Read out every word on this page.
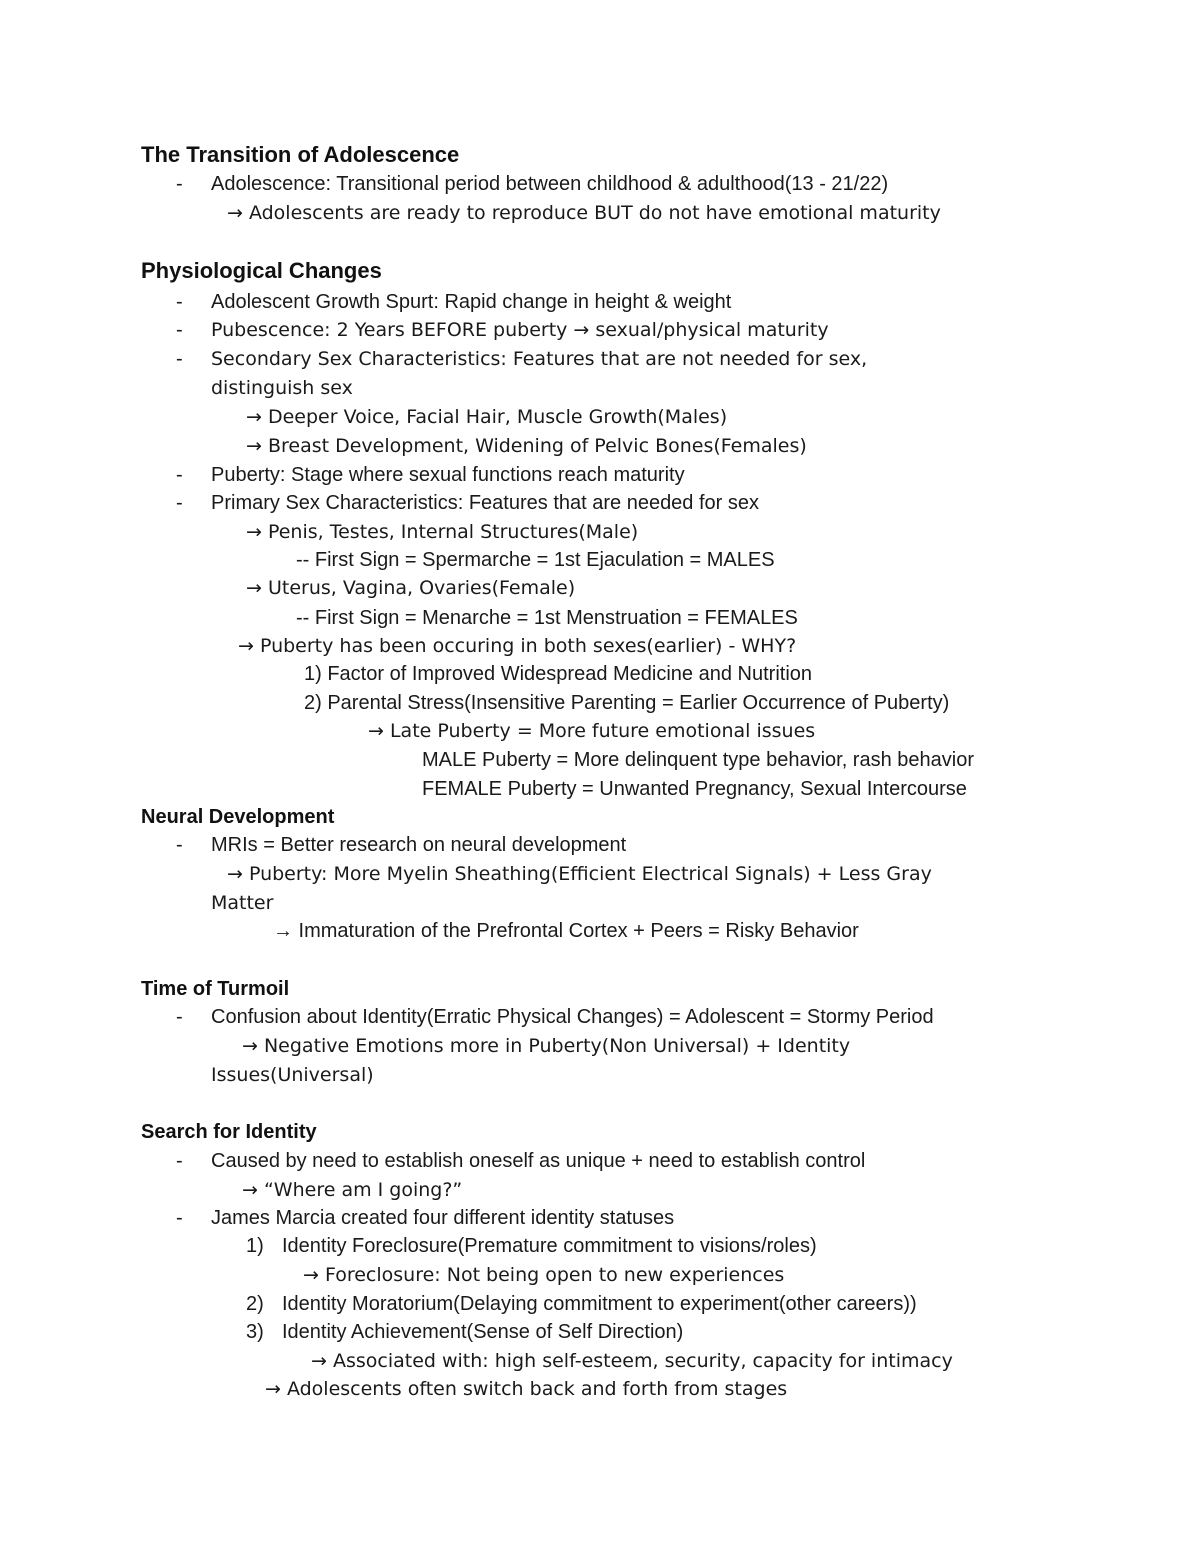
The Transition of Adolescence
- Adolescence: Transitional period between childhood & adulthood(13 - 21/22)
→ Adolescents are ready to reproduce BUT do not have emotional maturity
Physiological Changes
- Adolescent Growth Spurt: Rapid change in height & weight
- Pubescence: 2 Years BEFORE puberty → sexual/physical maturity
- Secondary Sex Characteristics: Features that are not needed for sex,
distinguish sex
→ Deeper Voice, Facial Hair, Muscle Growth(Males)
→ Breast Development, Widening of Pelvic Bones(Females)
- Puberty: Stage where sexual functions reach maturity
- Primary Sex Characteristics: Features that are needed for sex
→ Penis, Testes, Internal Structures(Male)
-- First Sign = Spermarche = 1st Ejaculation = MALES
→ Uterus, Vagina, Ovaries(Female)
-- First Sign = Menarche = 1st Menstruation = FEMALES
→ Puberty has been occuring in both sexes(earlier) - WHY?
1) Factor of Improved Widespread Medicine and Nutrition
2) Parental Stress(Insensitive Parenting = Earlier Occurrence of Puberty)
→ Late Puberty = More future emotional issues
MALE Puberty = More delinquent type behavior, rash behavior
FEMALE Puberty = Unwanted Pregnancy, Sexual Intercourse
Neural Development
- MRIs = Better research on neural development
→ Puberty: More Myelin Sheathing(Efficient Electrical Signals) + Less Gray
Matter
→ Immaturation of the Prefrontal Cortex + Peers = Risky Behavior
Time of Turmoil
- Confusion about Identity(Erratic Physical Changes) = Adolescent = Stormy Period
→ Negative Emotions more in Puberty(Non Universal) + Identity
Issues(Universal)
Search for Identity
- Caused by need to establish oneself as unique + need to establish control
→ “Where am I going?”
- James Marcia created four different identity statuses
1) Identity Foreclosure(Premature commitment to visions/roles)
→ Foreclosure: Not being open to new experiences
2) Identity Moratorium(Delaying commitment to experiment(other careers))
3) Identity Achievement(Sense of Self Direction)
→ Associated with: high self-esteem, security, capacity for intimacy
→ Adolescents often switch back and forth from stages
